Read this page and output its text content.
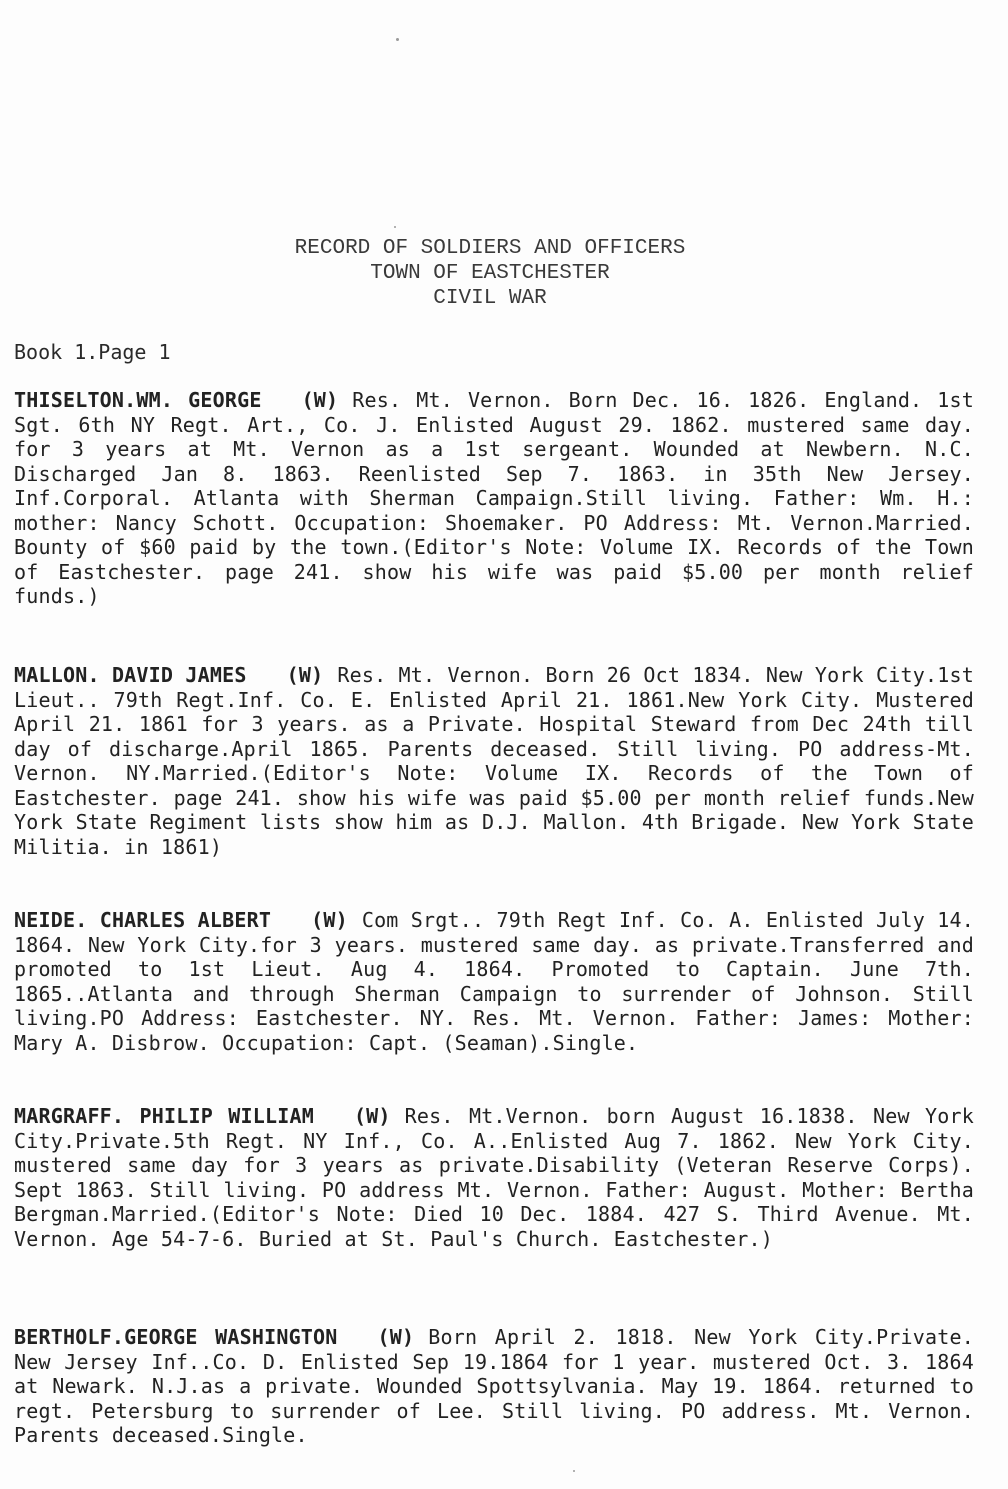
RECORD OF SOLDIERS AND OFFICERS
TOWN OF EASTCHESTER
CIVIL WAR
Book 1.Page 1
THISELTON.WM. GEORGE (W) Res. Mt. Vernon. Born Dec. 16. 1826. England. 1st Sgt. 6th NY Regt. Art., Co. J. Enlisted August 29. 1862. mustered same day. for 3 years at Mt. Vernon as a 1st sergeant. Wounded at Newbern. N.C. Discharged Jan 8. 1863. Reenlisted Sep 7. 1863. in 35th New Jersey. Inf.Corporal. Atlanta with Sherman Campaign.Still living. Father: Wm. H.: mother: Nancy Schott. Occupation: Shoemaker. PO Address: Mt. Vernon.Married. Bounty of $60 paid by the town.(Editor's Note: Volume IX. Records of the Town of Eastchester. page 241. show his wife was paid $5.00 per month relief funds.)
MALLON. DAVID JAMES (W) Res. Mt. Vernon. Born 26 Oct 1834. New York City.1st Lieut.. 79th Regt.Inf. Co. E. Enlisted April 21. 1861.New York City. Mustered April 21. 1861 for 3 years. as a Private. Hospital Steward from Dec 24th till day of discharge.April 1865. Parents deceased. Still living. PO address-Mt. Vernon. NY.Married.(Editor's Note: Volume IX. Records of the Town of Eastchester. page 241. show his wife was paid $5.00 per month relief funds.New York State Regiment lists show him as D.J. Mallon. 4th Brigade. New York State Militia. in 1861)
NEIDE. CHARLES ALBERT (W) Com Srgt.. 79th Regt Inf. Co. A. Enlisted July 14. 1864. New York City.for 3 years. mustered same day. as private.Transferred and promoted to 1st Lieut. Aug 4. 1864. Promoted to Captain. June 7th. 1865..Atlanta and through Sherman Campaign to surrender of Johnson. Still living.PO Address: Eastchester. NY. Res. Mt. Vernon. Father: James: Mother: Mary A. Disbrow. Occupation: Capt. (Seaman).Single.
MARGRAFF. PHILIP WILLIAM (W) Res. Mt.Vernon. born August 16.1838. New York City.Private.5th Regt. NY Inf., Co. A..Enlisted Aug 7. 1862. New York City. mustered same day for 3 years as private.Disability (Veteran Reserve Corps). Sept 1863. Still living. PO address Mt. Vernon. Father: August. Mother: Bertha Bergman.Married.(Editor's Note: Died 10 Dec. 1884. 427 S. Third Avenue. Mt. Vernon. Age 54-7-6. Buried at St. Paul's Church. Eastchester.)
BERTHOLF.GEORGE WASHINGTON (W) Born April 2. 1818. New York City.Private. New Jersey Inf..Co. D. Enlisted Sep 19.1864 for 1 year. mustered Oct. 3. 1864 at Newark. N.J.as a private. Wounded Spottsylvania. May 19. 1864. returned to regt. Petersburg to surrender of Lee. Still living. PO address. Mt. Vernon. Parents deceased.Single.
